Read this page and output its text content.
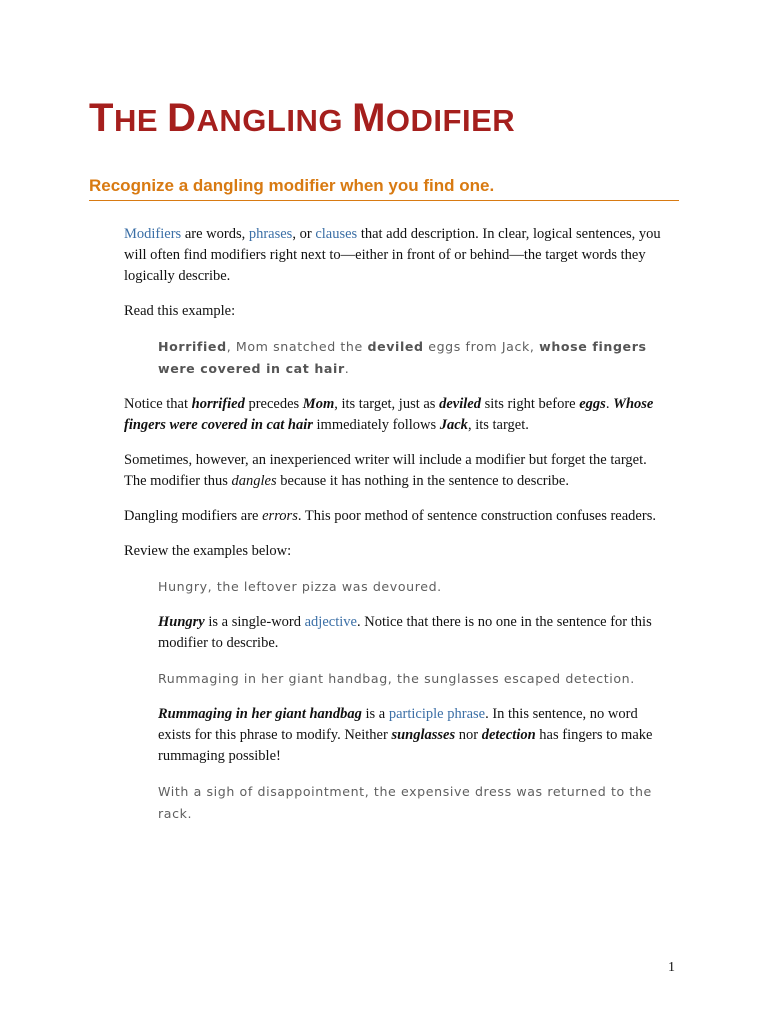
THE DANGLING MODIFIER
Recognize a dangling modifier when you find one.

Modifiers are words, phrases, or clauses that add description. In clear, logical sentences, you will often find modifiers right next to—either in front of or behind—the target words they logically describe.

Read this example:

Horrified, Mom snatched the deviled eggs from Jack, whose fingers were covered in cat hair.

Notice that horrified precedes Mom, its target, just as deviled sits right before eggs. Whose fingers were covered in cat hair immediately follows Jack, its target.

Sometimes, however, an inexperienced writer will include a modifier but forget the target. The modifier thus dangles because it has nothing in the sentence to describe.

Dangling modifiers are errors. This poor method of sentence construction confuses readers.

Review the examples below:

Hungry, the leftover pizza was devoured.

Hungry is a single-word adjective. Notice that there is no one in the sentence for this modifier to describe.

Rummaging in her giant handbag, the sunglasses escaped detection.

Rummaging in her giant handbag is a participle phrase. In this sentence, no word exists for this phrase to modify. Neither sunglasses nor detection has fingers to make rummaging possible!

With a sigh of disappointment, the expensive dress was returned to the rack.
1
